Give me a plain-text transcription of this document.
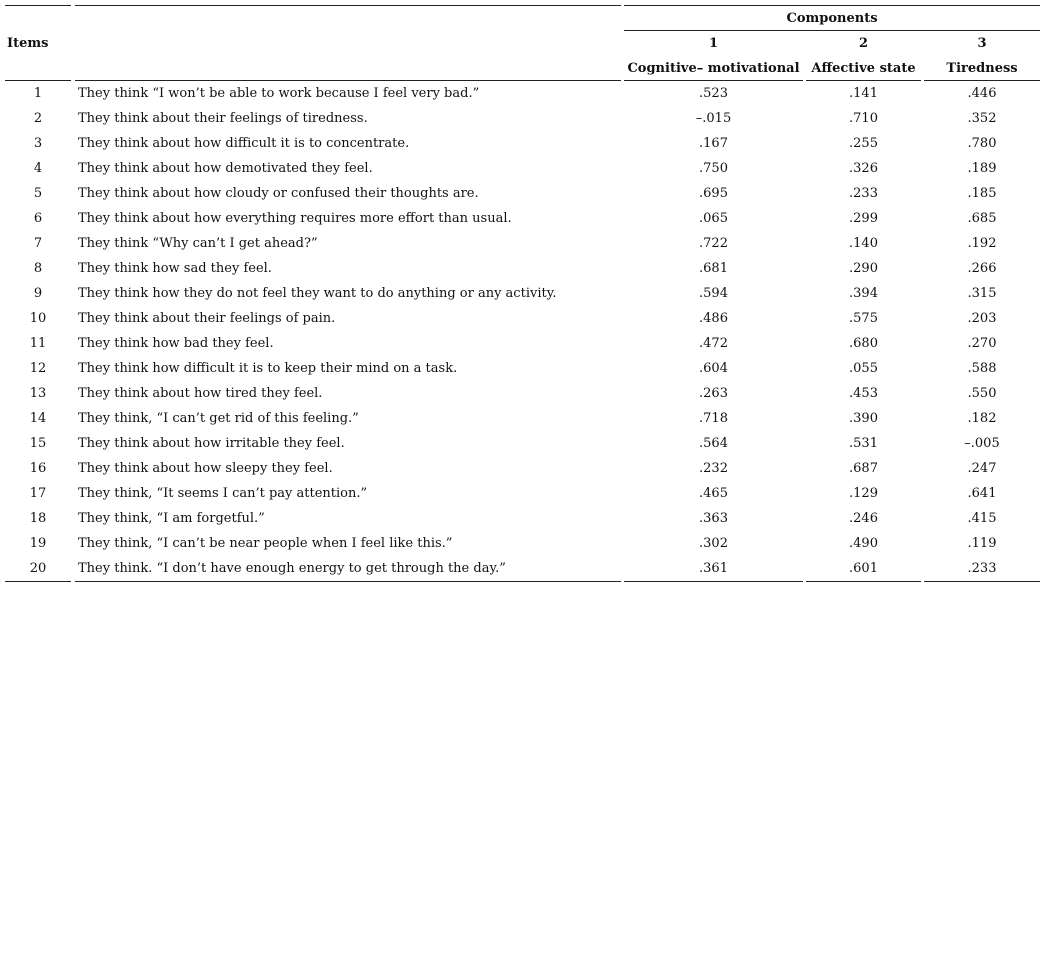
Items				Components				
				1		2		3
				Cognitive– motivational		Affective state		Tiredness
1		They think “I won’t be able to work because I feel very bad.”		.523		.141		.446
2		They think about their feelings of tiredness.		–.015		.710		.352
3		They think about how difficult it is to concentrate.		.167		.255		.780
4		They think about how demotivated they feel.		.750		.326		.189
5		They think about how cloudy or confused their thoughts are.		.695		.233		.185
6		They think about how everything requires more effort than usual.		.065		.299		.685
7		They think “Why can’t I get ahead?”		.722		.140		.192
8		They think how sad they feel.		.681		.290		.266
9		They think how they do not feel they want to do anything or any activity.		.594		.394		.315
10		They think about their feelings of pain.		.486		.575		.203
11		They think how bad they feel.		.472		.680		.270
12		They think how difficult it is to keep their mind on a task.		.604		.055		.588
13		They think about how tired they feel.		.263		.453		.550
14		They think, “I can’t get rid of this feeling.”		.718		.390		.182
15		They think about how irritable they feel.		.564		.531		–.005
16		They think about how sleepy they feel.		.232		.687		.247
17		They think, “It seems I can’t pay attention.”		.465		.129		.641
18		They think, “I am forgetful.”		.363		.246		.415
19		They think, “I can’t be near people when I feel like this.”		.302		.490		.119
20		They think. “I don’t have enough energy to get through the day.”		.361		.601		.233
